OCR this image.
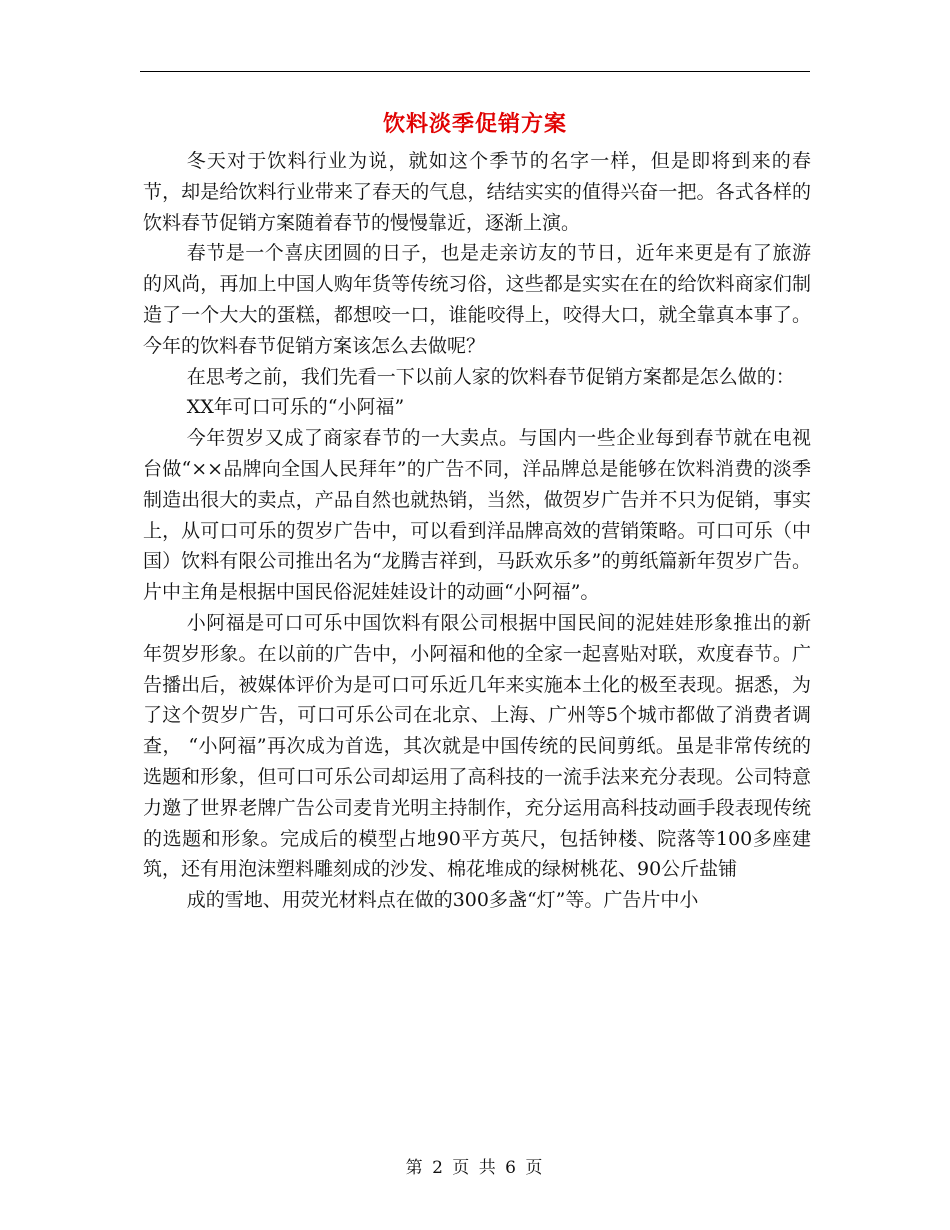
饮料淡季促销方案

冬天对于饮料行业为说，就如这个季节的名字一样，但是即将到来的春节，却是给饮料行业带来了春天的气息，结结实实的值得兴奋一把。各式各样的饮料春节促销方案随着春节的慢慢靠近，逐渐上演。

春节是一个喜庆团圆的日子，也是走亲访友的节日，近年来更是有了旅游的风尚，再加上中国人购年货等传统习俗，这些都是实实在在的给饮料商家们制造了一个大大的蛋糕，都想咬一口，谁能咬得上，咬得大口，就全靠真本事了。今年的饮料春节促销方案该怎么去做呢？

在思考之前，我们先看一下以前人家的饮料春节促销方案都是怎么做的：

XX年可口可乐的“小阿福”

今年贺岁又成了商家春节的一大卖点。与国内一些企业每到春节就在电视台做“××品牌向全国人民拜年”的广告不同，洋品牌总是能够在饮料消费的淡季制造出很大的卖点，产品自然也就热销，当然，做贺岁广告并不只为促销，事实上，从可口可乐的贺岁广告中，可以看到洋品牌高效的营销策略。可口可乐（中国）饮料有限公司推出名为“龙腾吉祥到，马跃欢乐多”的剪纸篇新年贺岁广告。片中主角是根据中国民俗泥娃娃设计的动画“小阿福”。

小阿福是可口可乐中国饮料有限公司根据中国民间的泥娃娃形象推出的新年贺岁形象。在以前的广告中，小阿福和他的全家一起喜贴对联，欢度春节。广告播出后，被媒体评价为是可口可乐近几年来实施本土化的极至表现。据悉，为了这个贺岁广告，可口可乐公司在北京、上海、广州等5个城市都做了消费者调查， “小阿福”再次成为首选，其次就是中国传统的民间剪纸。虽是非常传统的选题和形象，但可口可乐公司却运用了高科技的一流手法来充分表现。公司特意力邀了世界老牌广告公司麦肯光明主持制作，充分运用高科技动画手段表现传统的选题和形象。完成后的模型占地90平方英尺，包括钟楼、院落等100多座建筑，还有用泡沫塑料雕刻成的沙发、棉花堆成的绿树桃花、90公斤盐铺

成的雪地、用荧光材料点在做的300多盏“灯”等。广告片中小

第 2 页 共 6 页
